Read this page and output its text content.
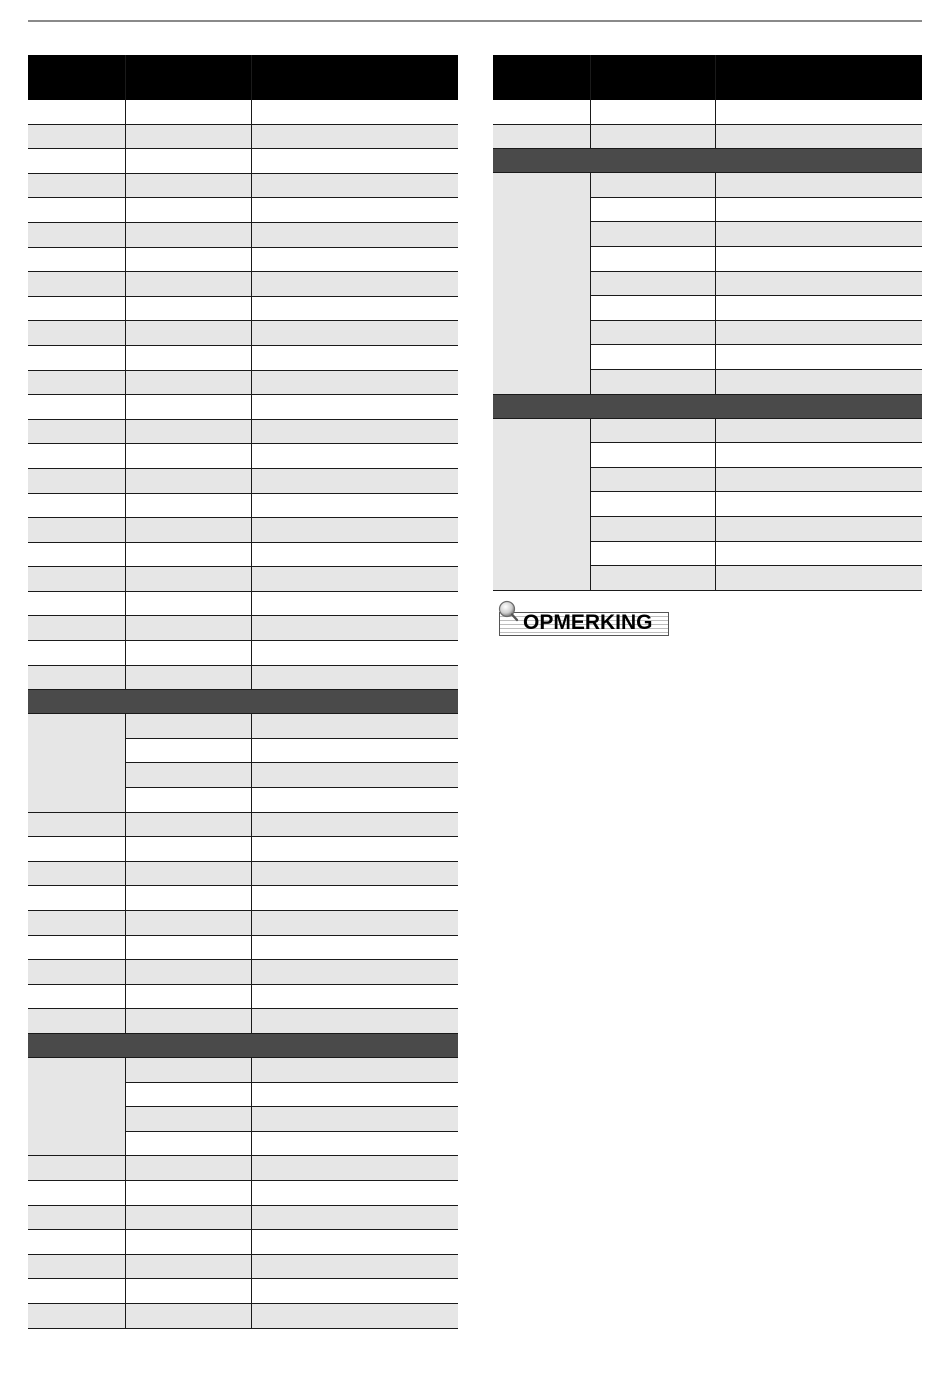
OPMERKING
